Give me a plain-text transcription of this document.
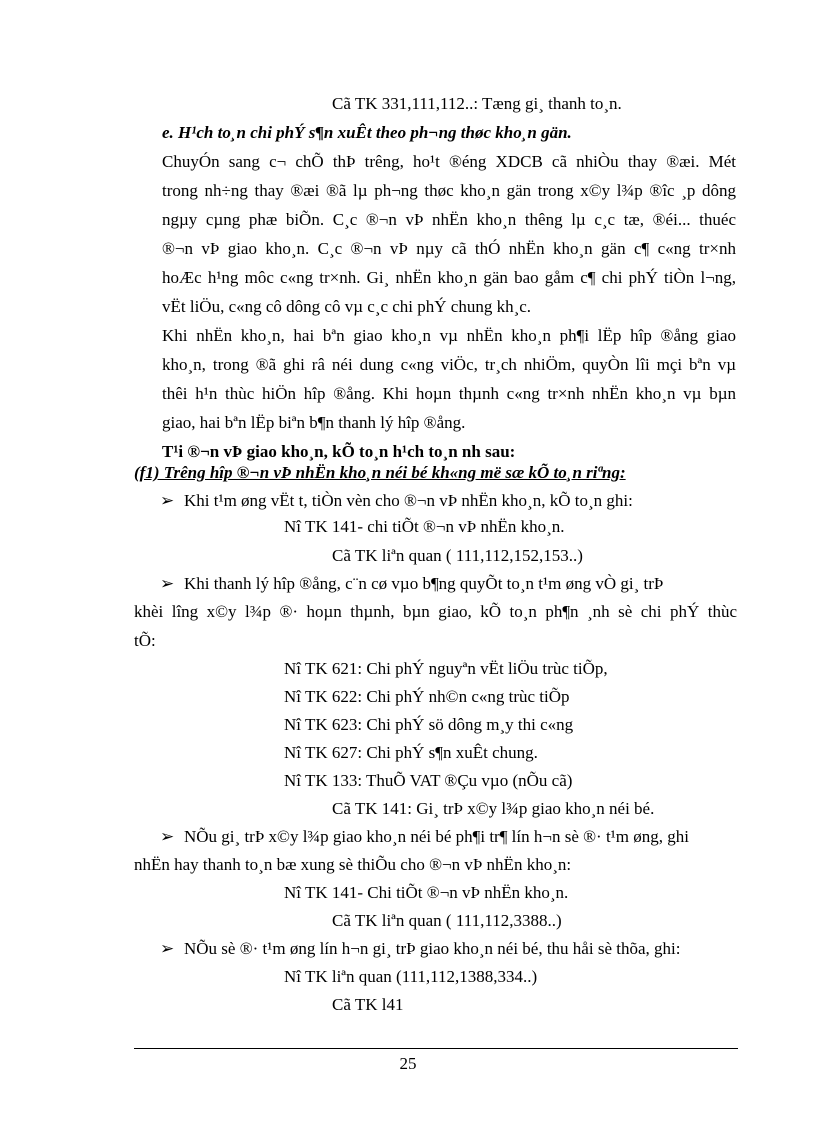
Cã TK 331,111,112..: Tæng gi¸ thanh to¸n.
e. H¹ch to¸n chi phÝ s¶n xuÊt theo ph¬ng thøc kho¸n gän.
ChuyÓn sang c¬ chÕ thÞ trêng, ho¹t ®éng XDCB cã nhiÒu thay ®æi. Mét
trong nh÷ng thay ®æi ®ã lµ ph¬ng thøc kho¸n gän trong x©y l¾p ®îc ¸p dông
ngµy cµng phæ biÕn. C¸c ®¬n vÞ nhËn kho¸n thêng lµ c¸c tæ, ®éi... thuéc
®¬n vÞ giao kho¸n. C¸c ®¬n vÞ nµy cã thÓ nhËn kho¸n gän c¶ c«ng tr×nh
hoÆc h¹ng môc c«ng tr×nh. Gi¸ nhËn kho¸n gän bao gåm c¶ chi phÝ tiÒn l¬ng,
vËt liÖu, c«ng cô dông cô vµ c¸c chi phÝ chung kh¸c.
Khi nhËn kho¸n, hai bªn giao kho¸n vµ nhËn kho¸n ph¶i lËp hîp ®ång giao
kho¸n, trong ®ã ghi râ néi dung c«ng viÖc, tr¸ch nhiÖm, quyÒn lîi mçi bªn vµ
thêi h¹n thùc hiÖn hîp ®ång. Khi hoµn thµnh c«ng tr×nh nhËn kho¸n vµ bµn
giao, hai bªn lËp biªn b¶n thanh lý hîp ®ång.
T¹i ®¬n vÞ giao kho¸n, kÕ to¸n h¹ch to¸n nh sau:
(f1) Trêng hîp ®¬n vÞ nhËn kho¸n néi bé kh«ng më sæ kÕ to¸n riªng:
➢ Khi t¹m øng vËt t, tiÒn vèn cho ®¬n vÞ nhËn kho¸n, kÕ to¸n ghi:
Nî TK 141- chi tiÕt ®¬n vÞ nhËn kho¸n.
Cã TK liªn quan ( 111,112,152,153..)
➢ Khi thanh lý hîp ®ång, c¨n cø vµo b¶ng quyÕt to¸n t¹m øng vÒ gi¸ trÞ
khèi lîng x©y l¾p ®· hoµn thµnh, bµn giao, kÕ to¸n ph¶n ¸nh sè chi phÝ thùc
tÕ:
Nî TK 621: Chi phÝ nguyªn vËt liÖu trùc tiÕp,
Nî TK 622: Chi phÝ nh©n c«ng trùc tiÕp
Nî TK 623: Chi phÝ sö dông m¸y thi c«ng
Nî TK 627: Chi phÝ s¶n xuÊt chung.
Nî TK 133: ThuÕ VAT ®Çu vµo (nÕu cã)
Cã TK 141: Gi¸ trÞ x©y l¾p giao kho¸n néi bé.
➢ NÕu gi¸ trÞ x©y l¾p giao kho¸n néi bé ph¶i tr¶ lín h¬n sè ®· t¹m øng, ghi
nhËn hay thanh to¸n bæ xung sè thiÕu cho ®¬n vÞ nhËn kho¸n:
Nî TK 141- Chi tiÕt ®¬n vÞ nhËn kho¸n.
Cã TK liªn quan ( 111,112,3388..)
➢ NÕu sè ®· t¹m øng lín h¬n gi¸ trÞ giao kho¸n néi bé, thu håi sè thõa, ghi:
Nî TK liªn quan (111,112,1388,334..)
Cã TK l41
25
